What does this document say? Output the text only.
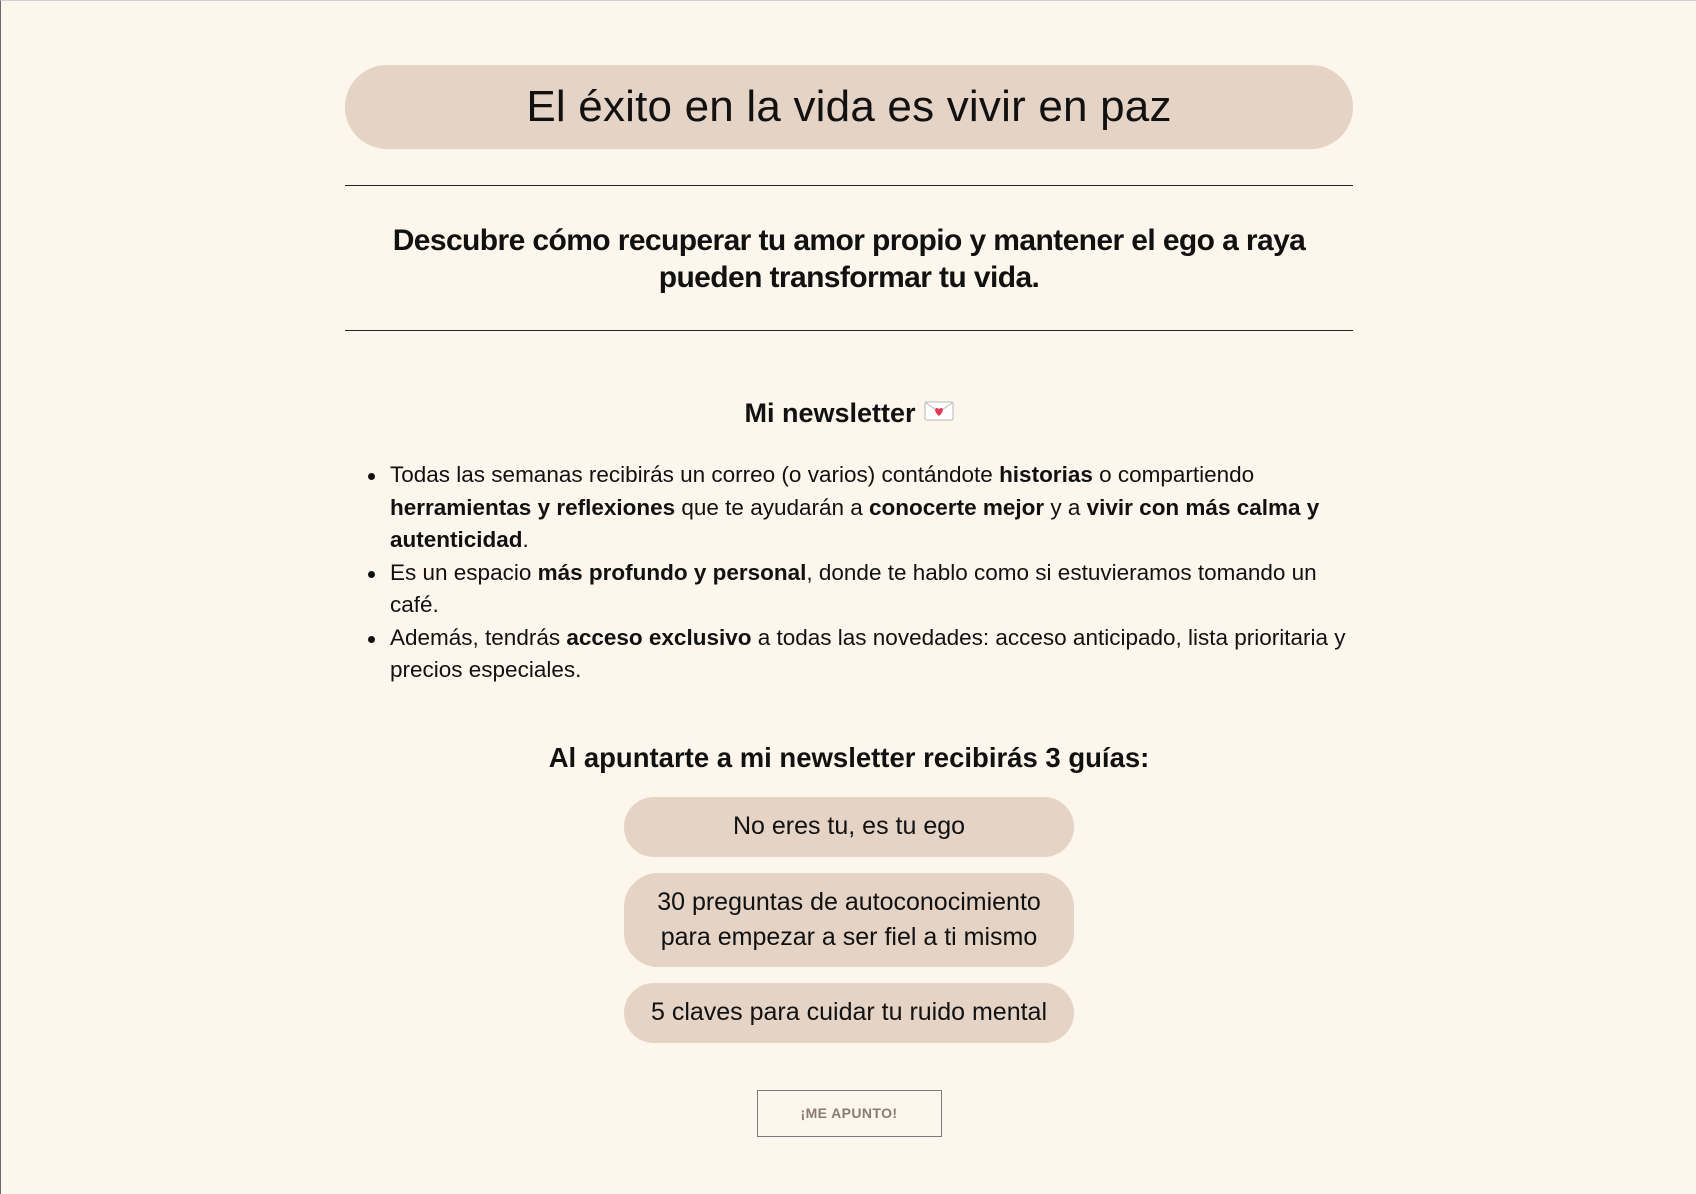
El éxito en la vida es vivir en paz
Descubre cómo recuperar tu amor propio y mantener el ego a raya pueden transformar tu vida.
Mi newsletter
Todas las semanas recibirás un correo (o varios) contándote historias o compartiendo herramientas y reflexiones que te ayudarán a conocerte mejor y a vivir con más calma y autenticidad.
Es un espacio más profundo y personal, donde te hablo como si estuvieramos tomando un café.
Además, tendrás acceso exclusivo a todas las novedades: acceso anticipado, lista prioritaria y precios especiales.
Al apuntarte a mi newsletter recibirás 3 guías:
No eres tu, es tu ego
30 preguntas de autoconocimiento para empezar a ser fiel a ti mismo
5 claves para cuidar tu ruido mental
¡ME APUNTO!
